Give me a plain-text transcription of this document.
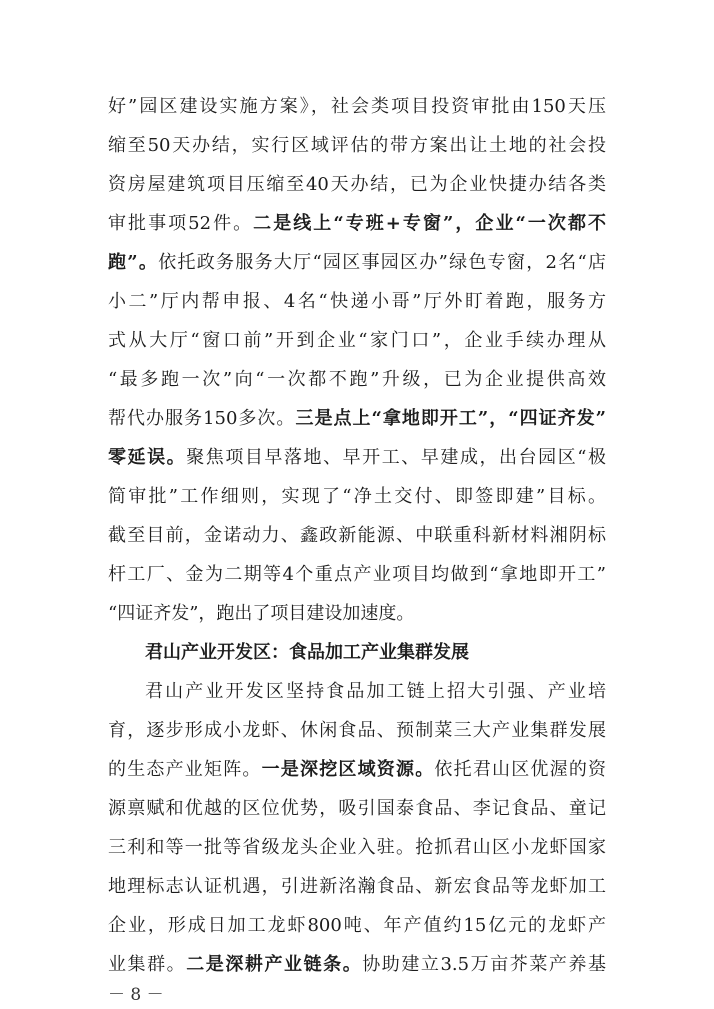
好”园区建设实施方案》，社会类项目投资审批由150天压
缩至50天办结，实行区域评估的带方案出让土地的社会投
资房屋建筑项目压缩至40天办结，已为企业快捷办结各类
审批事项52件。二是线上“专班+专窗”，企业“一次都不
跑”。依托政务服务大厅“园区事园区办”绿色专窗，2名“店
小二”厅内帮申报、4名“快递小哥”厅外盯着跑，服务方
式从大厅“窗口前”开到企业“家门口”，企业手续办理从
“最多跑一次”向“一次都不跑”升级，已为企业提供高效
帮代办服务150多次。三是点上“拿地即开工”，“四证齐发”
零延误。聚焦项目早落地、早开工、早建成，出台园区“极
简审批”工作细则，实现了“净土交付、即签即建”目标。
截至目前，金诺动力、鑫政新能源、中联重科新材料湘阴标
杆工厂、金为二期等4个重点产业项目均做到“拿地即开工”
“四证齐发”，跑出了项目建设加速度。
君山产业开发区：食品加工产业集群发展
君山产业开发区坚持食品加工链上招大引强、产业培
育，逐步形成小龙虾、休闲食品、预制菜三大产业集群发展
的生态产业矩阵。一是深挖区域资源。依托君山区优渥的资
源禀赋和优越的区位优势，吸引国泰食品、李记食品、童记
三利和等一批等省级龙头企业入驻。抢抓君山区小龙虾国家
地理标志认证机遇，引进新洺瀚食品、新宏食品等龙虾加工
企业，形成日加工龙虾800吨、年产值约15亿元的龙虾产
业集群。二是深耕产业链条。协助建立3.5万亩芥菜产养基
－ 8 －
